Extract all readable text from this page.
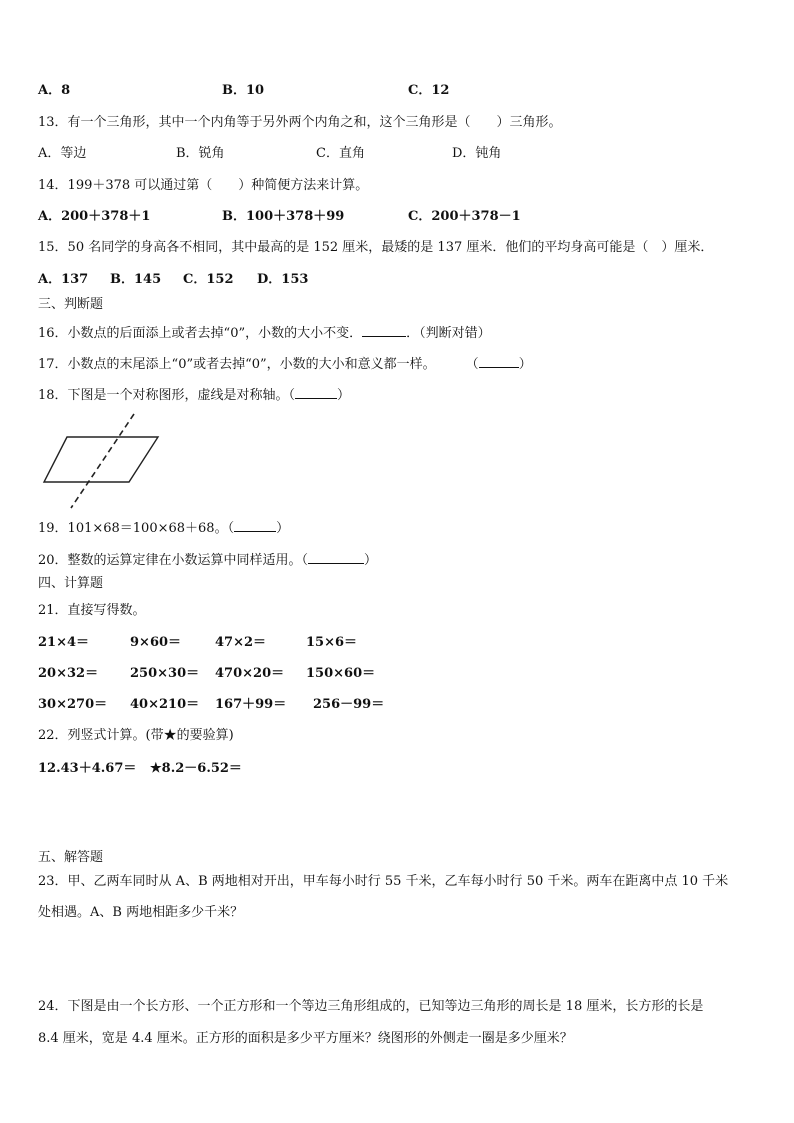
A．8	B．10	C．12
13．有一个三角形，其中一个内角等于另外两个内角之和，这个三角形是（　　）三角形。
A．等边	B．锐角	C．直角	D．钝角
14．199＋378 可以通过第（　　）种简便方法来计算。
A．200＋378＋1	B．100＋378＋99	C．200＋378－1
15．50 名同学的身高各不相同，其中最高的是 152 厘米，最矮的是 137 厘米．他们的平均身高可能是（　）厘米．
A．137 B．145 C．152 D．153
三、判断题
16．小数点的后面添上或者去掉“0”，小数的大小不变．	．（判断对错）
17．小数点的末尾添上“0”或者去掉“0”，小数的大小和意义都一样。 （	）
18．下图是一个对称图形，虚线是对称轴。（	）
19．101×68＝100×68＋68。（	）
20．整数的运算定律在小数运算中同样适用。（	）
四、计算题
21．直接写得数。
21×4＝	9×60＝	47×2＝	15×6＝
20×32＝ 250×30＝ 470×20＝ 150×60＝
30×270＝ 40×210＝ 167＋99＝ 256－99＝
22．列竖式计算。(带★的要验算)
12.43＋4.67＝ ★8.2－6.52＝
五、解答题
23．甲、乙两车同时从 A、B 两地相对开出，甲车每小时行 55 千米，乙车每小时行 50 千米。两车在距离中点 10 千米
处相遇。A、B 两地相距多少千米？
24．下图是由一个长方形、一个正方形和一个等边三角形组成的，已知等边三角形的周长是 18 厘米，长方形的长是
8.4 厘米，宽是 4.4 厘米。正方形的面积是多少平方厘米？绕图形的外侧走一圈是多少厘米？
